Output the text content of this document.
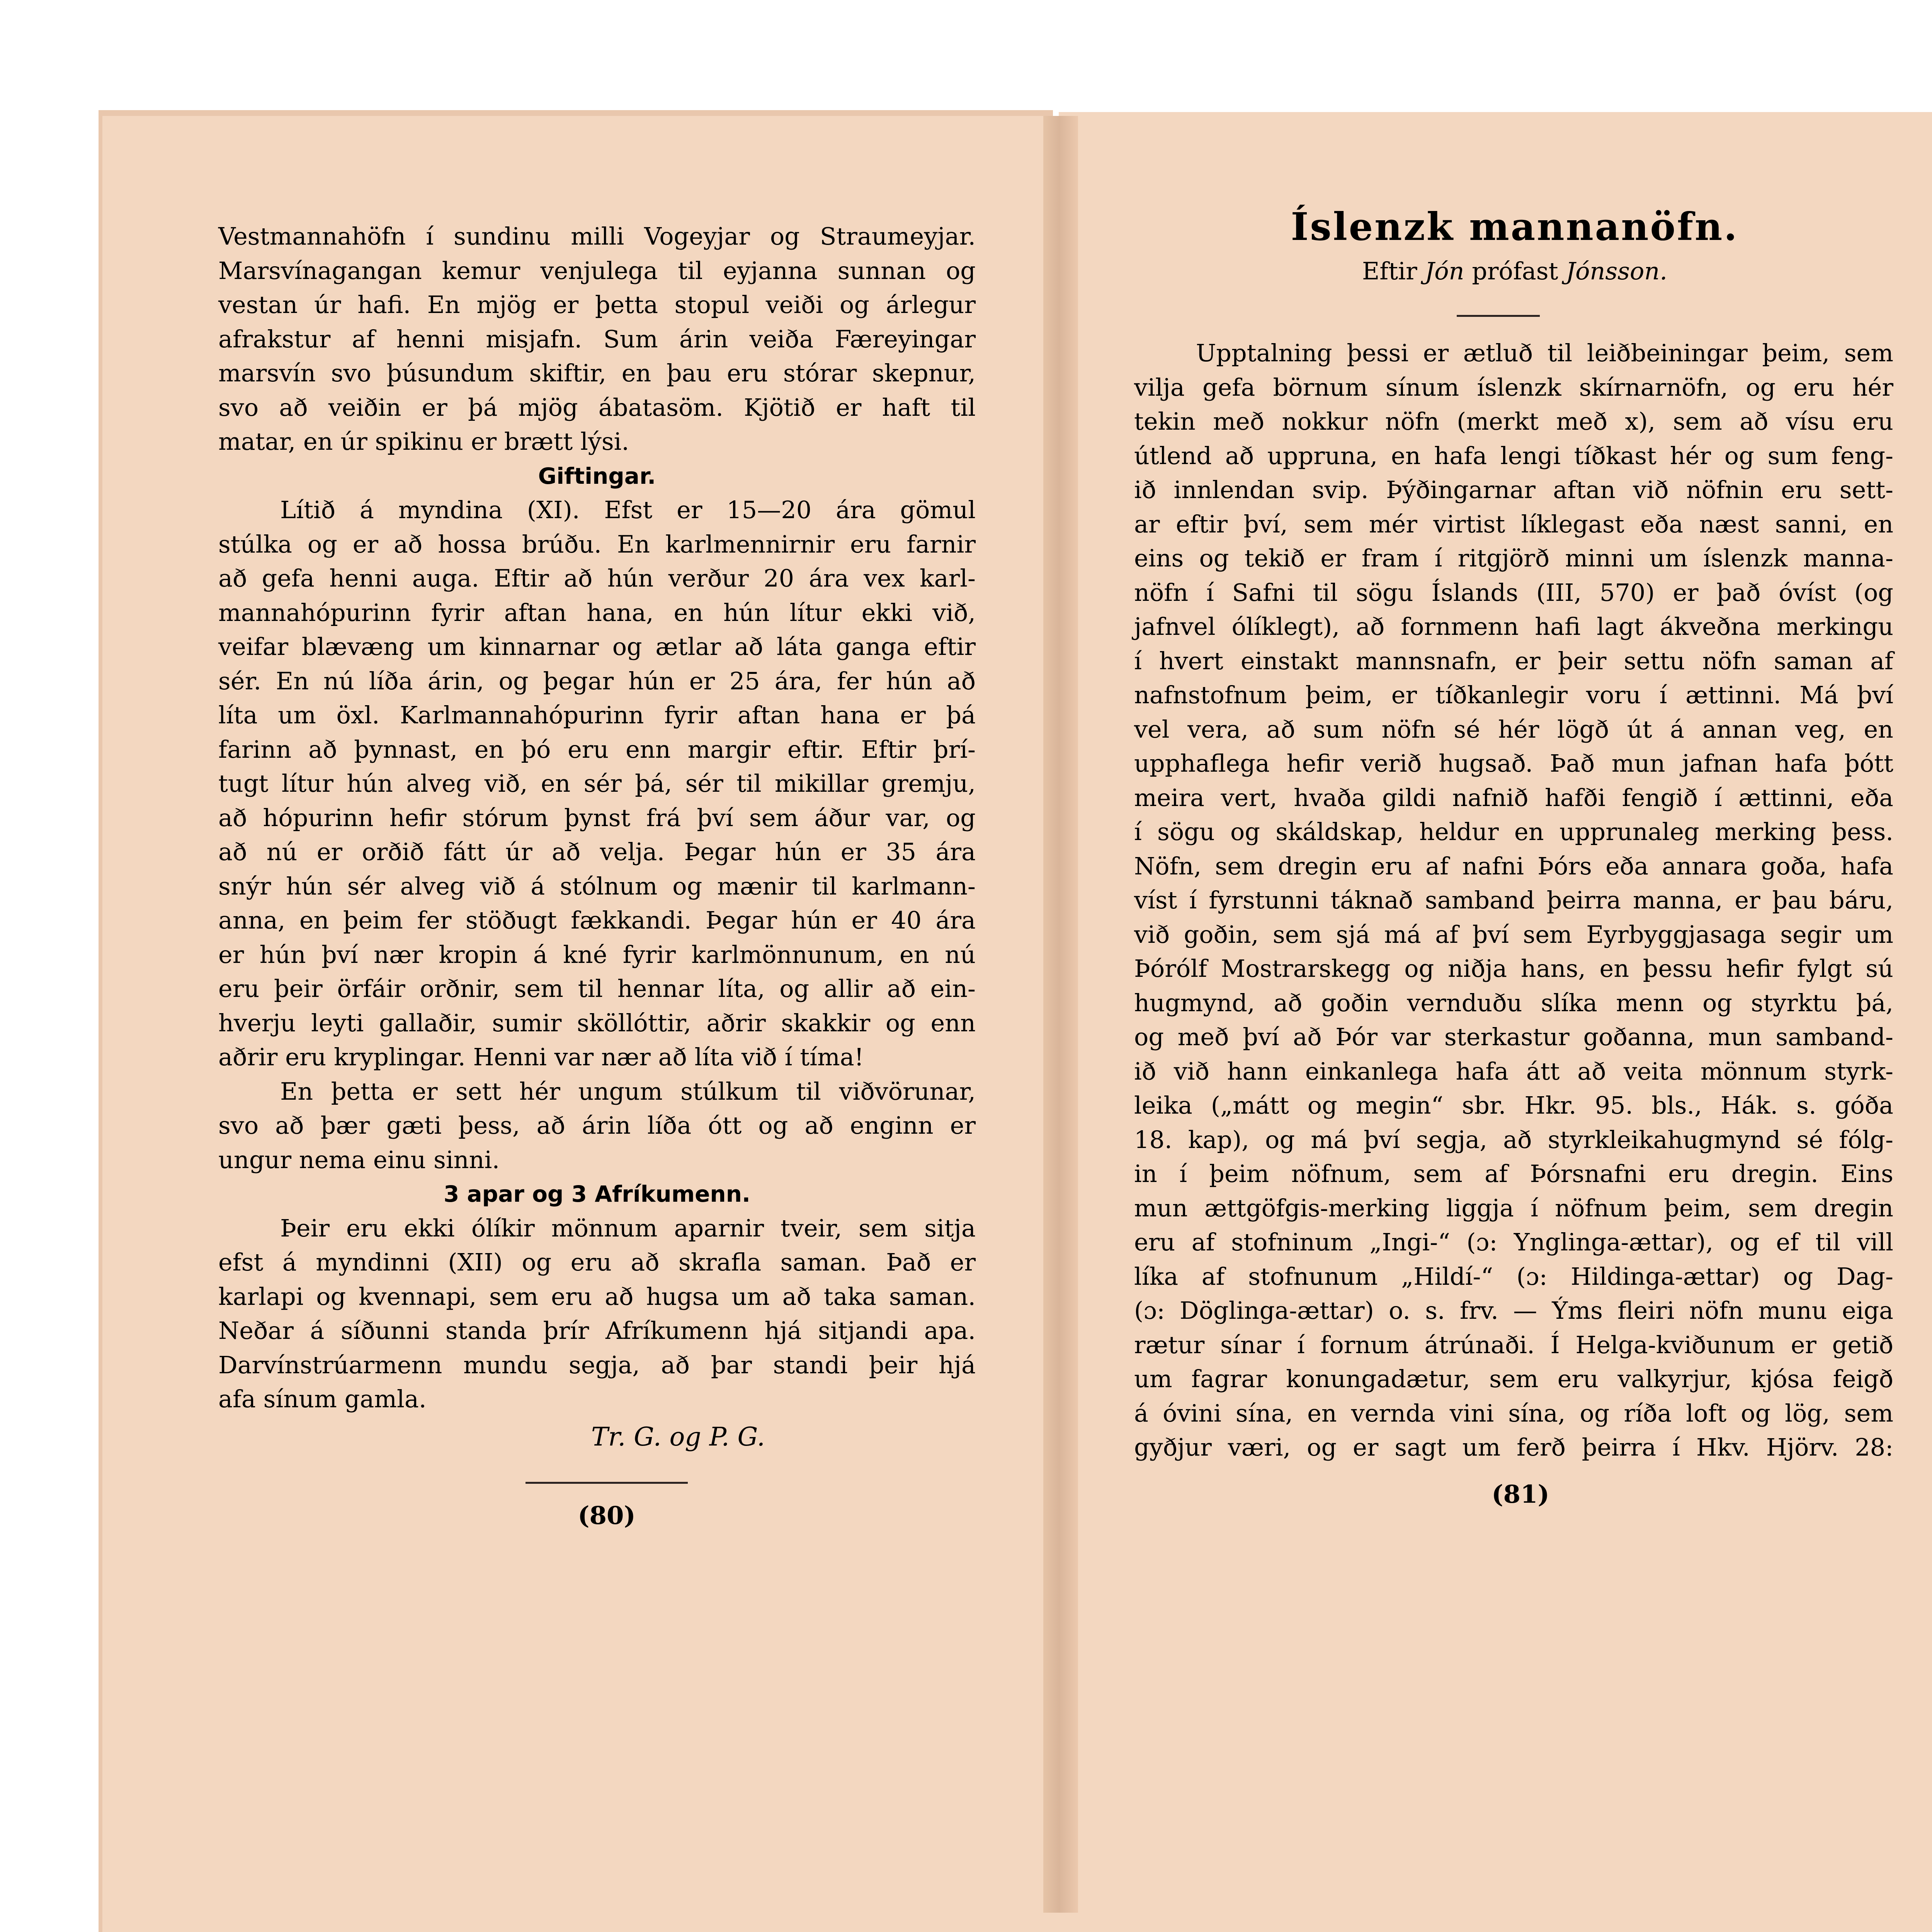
Vestmannahöfn í sundinu milli Vogeyjar og Straumeyjar.
Marsvínagangan kemur venjulega til eyjanna sunnan og
vestan úr hafi. En mjög er þetta stopul veiði og árlegur
afrakstur af henni misjafn. Sum árin veiða Færeyingar
marsvín svo þúsundum skiftir, en þau eru stórar skepnur,
svo að veiðin er þá mjög ábatasöm. Kjötið er haft til
matar, en úr spikinu er brætt lýsi.
Giftingar.
Lítið á myndina (XI). Efst er 15—20 ára gömul
stúlka og er að hossa brúðu. En karlmennirnir eru farnir
að gefa henni auga. Eftir að hún verður 20 ára vex karl-
mannahópurinn fyrir aftan hana, en hún lítur ekki við,
veifar blævæng um kinnarnar og ætlar að láta ganga eftir
sér. En nú líða árin, og þegar hún er 25 ára, fer hún að
líta um öxl. Karlmannahópurinn fyrir aftan hana er þá
farinn að þynnast, en þó eru enn margir eftir. Eftir þrí-
tugt lítur hún alveg við, en sér þá, sér til mikillar gremju,
að hópurinn hefir stórum þynst frá því sem áður var, og
að nú er orðið fátt úr að velja. Þegar hún er 35 ára
snýr hún sér alveg við á stólnum og mænir til karlmann-
anna, en þeim fer stöðugt fækkandi. Þegar hún er 40 ára
er hún því nær kropin á kné fyrir karlmönnunum, en nú
eru þeir örfáir orðnir, sem til hennar líta, og allir að ein-
hverju leyti gallaðir, sumir sköllóttir, aðrir skakkir og enn
aðrir eru kryplingar. Henni var nær að líta við í tíma!
En þetta er sett hér ungum stúlkum til viðvörunar,
svo að þær gæti þess, að árin líða ótt og að enginn er
ungur nema einu sinni.
3 apar og 3 Afríkumenn.
Þeir eru ekki ólíkir mönnum aparnir tveir, sem sitja
efst á myndinni (XII) og eru að skrafla saman. Það er
karlapi og kvennapi, sem eru að hugsa um að taka saman.
Neðar á síðunni standa þrír Afríkumenn hjá sitjandi apa.
Darvínstrúarmenn mundu segja, að þar standi þeir hjá
afa sínum gamla.
Tr. G. og P. G.
(80)
Íslenzk mannanöfn.
Eftir Jón prófast Jónsson.
Upptalning þessi er ætluð til leiðbeiningar þeim, sem
vilja gefa börnum sínum íslenzk skírnarnöfn, og eru hér
tekin með nokkur nöfn (merkt með x), sem að vísu eru
útlend að uppruna, en hafa lengi tíðkast hér og sum feng-
ið innlendan svip. Þýðingarnar aftan við nöfnin eru sett-
ar eftir því, sem mér virtist líklegast eða næst sanni, en
eins og tekið er fram í ritgjörð minni um íslenzk manna-
nöfn í Safni til sögu Íslands (III, 570) er það óvíst (og
jafnvel ólíklegt), að fornmenn hafi lagt ákveðna merkingu
í hvert einstakt mannsnafn, er þeir settu nöfn saman af
nafnstofnum þeim, er tíðkanlegir voru í ættinni. Má því
vel vera, að sum nöfn sé hér lögð út á annan veg, en
upphaflega hefir verið hugsað. Það mun jafnan hafa þótt
meira vert, hvaða gildi nafnið hafði fengið í ættinni, eða
í sögu og skáldskap, heldur en upprunaleg merking þess.
Nöfn, sem dregin eru af nafni Þórs eða annara goða, hafa
víst í fyrstunni táknað samband þeirra manna, er þau báru,
við goðin, sem sjá má af því sem Eyrbyggjasaga segir um
Þórólf Mostrarskegg og niðja hans, en þessu hefir fylgt sú
hugmynd, að goðin vernduðu slíka menn og styrktu þá,
og með því að Þór var sterkastur goðanna, mun samband-
ið við hann einkanlega hafa átt að veita mönnum styrk-
leika („mátt og megin“ sbr. Hkr. 95. bls., Hák. s. góða
18. kap), og má því segja, að styrkleikahugmynd sé fólg-
in í þeim nöfnum, sem af Þórsnafni eru dregin. Eins
mun ættgöfgis-merking liggja í nöfnum þeim, sem dregin
eru af stofninum „Ingi-“ (ɔ: Ynglinga-ættar), og ef til vill
líka af stofnunum „Hildí-“ (ɔ: Hildinga-ættar) og Dag-
(ɔ: Döglinga-ættar) o. s. frv. — Ýms fleiri nöfn munu eiga
rætur sínar í fornum átrúnaði. Í Helga-kviðunum er getið
um fagrar konungadætur, sem eru valkyrjur, kjósa feigð
á óvini sína, en vernda vini sína, og ríða loft og lög, sem
gyðjur væri, og er sagt um ferð þeirra í Hkv. Hjörv. 28:
(81)
